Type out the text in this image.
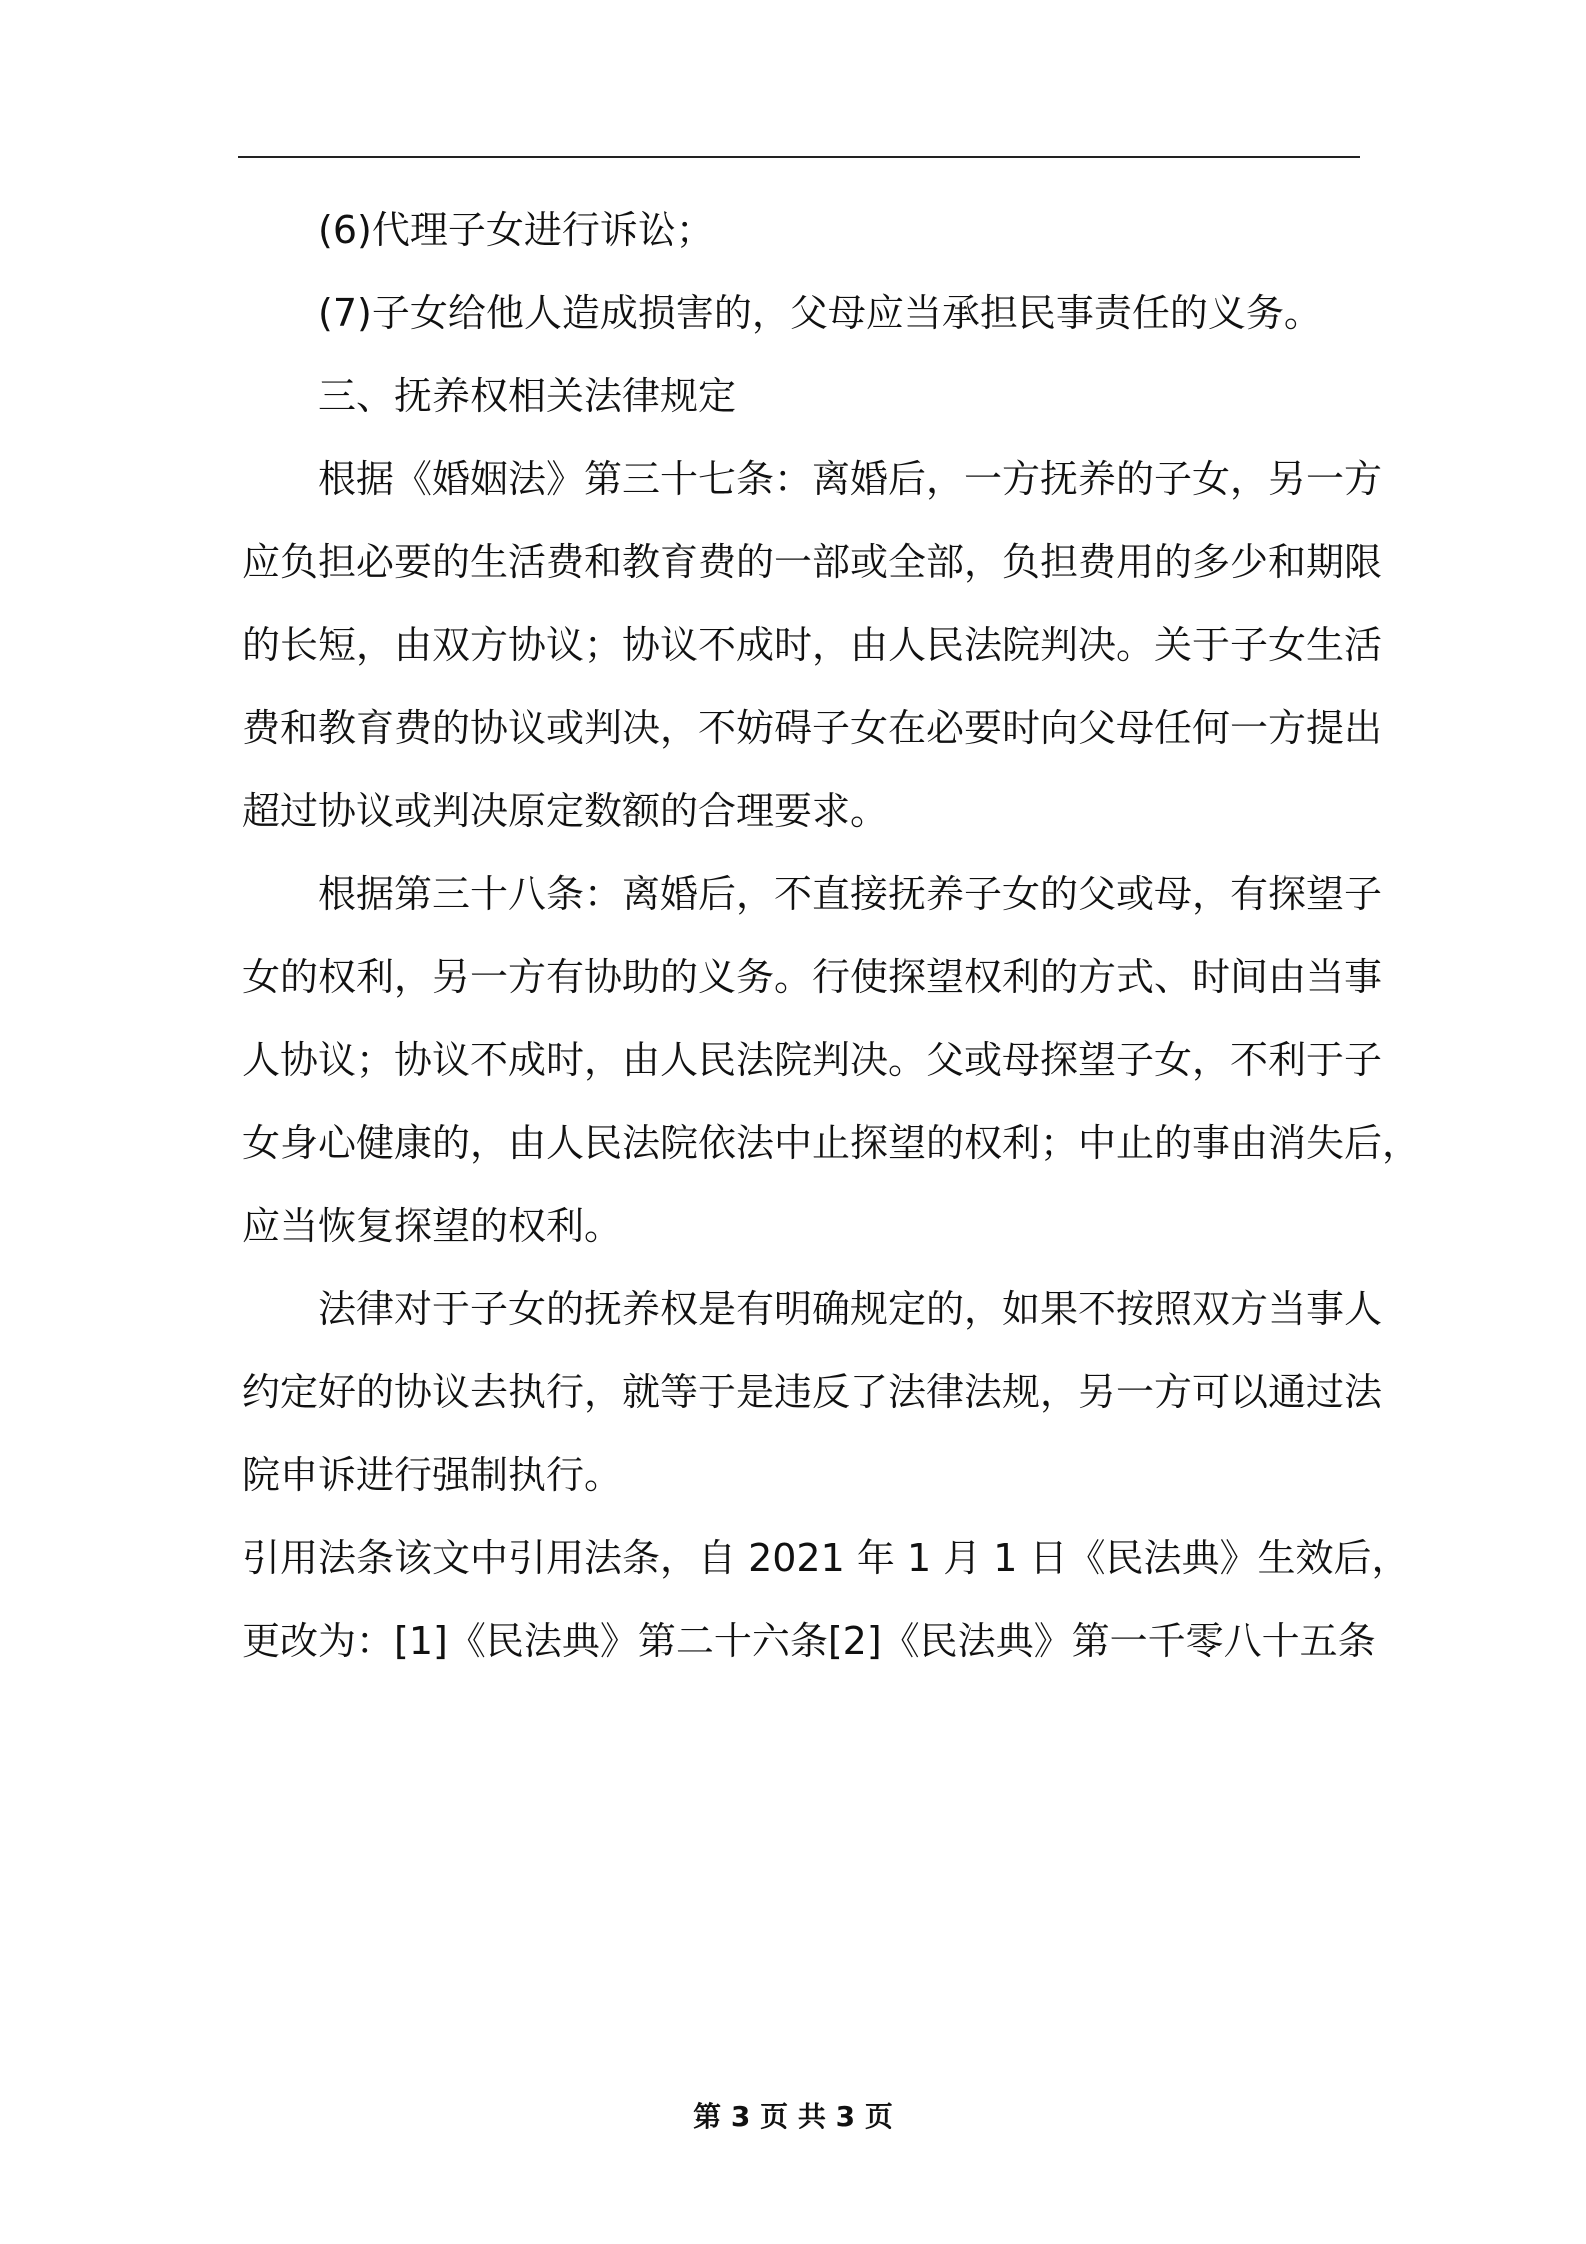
(6)代理子女进行诉讼；
(7)子女给他人造成损害的，父母应当承担民事责任的义务。
三、抚养权相关法律规定
根据《婚姻法》第三十七条：离婚后，一方抚养的子女，另一方
应负担必要的生活费和教育费的一部或全部，负担费用的多少和期限
的长短，由双方协议；协议不成时，由人民法院判决。关于子女生活
费和教育费的协议或判决，不妨碍子女在必要时向父母任何一方提出
超过协议或判决原定数额的合理要求。
根据第三十八条：离婚后，不直接抚养子女的父或母，有探望子
女的权利，另一方有协助的义务。行使探望权利的方式、时间由当事
人协议；协议不成时，由人民法院判决。父或母探望子女，不利于子
女身心健康的，由人民法院依法中止探望的权利；中止的事由消失后，
应当恢复探望的权利。
法律对于子女的抚养权是有明确规定的，如果不按照双方当事人
约定好的协议去执行，就等于是违反了法律法规，另一方可以通过法
院申诉进行强制执行。
引用法条该文中引用法条，自 2021 年 1 月 1 日《民法典》生效后，
更改为：[1]《民法典》第二十六条[2]《民法典》第一千零八十五条
第 3 页 共 3 页
